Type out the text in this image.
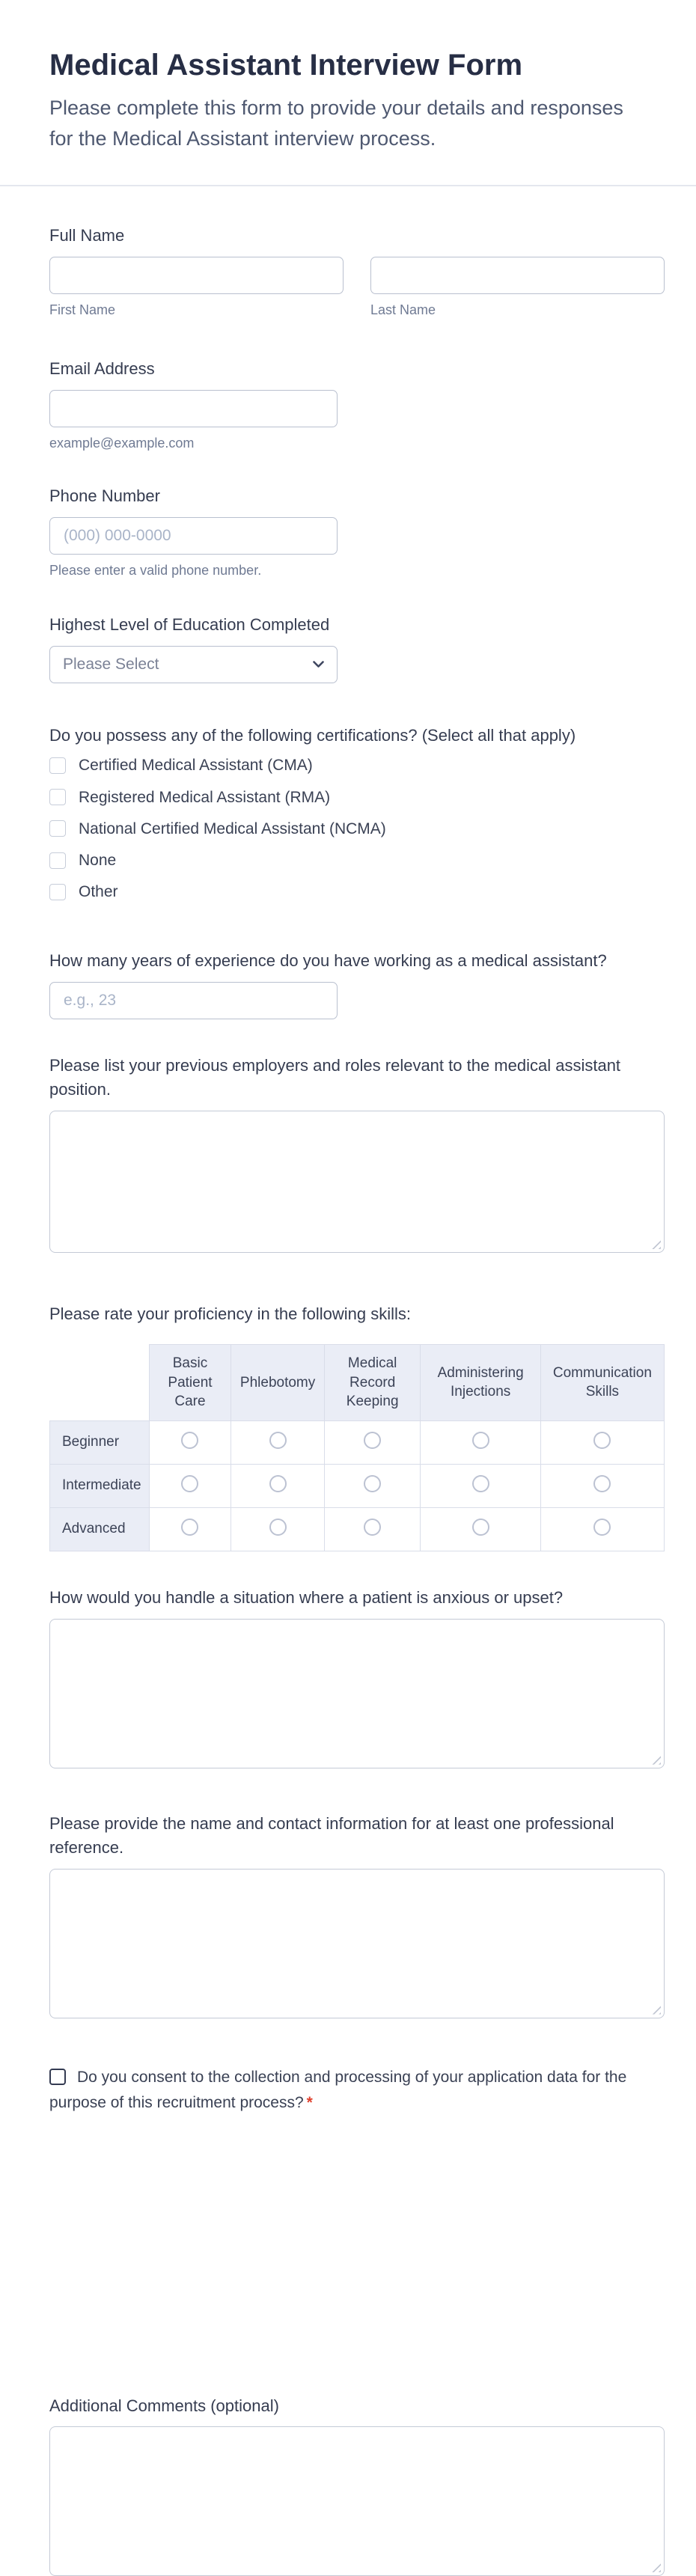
Medical Assistant Interview Form

Please complete this form to provide your details and responses for the Medical Assistant interview process.

Full Name
First Name	Last Name
Email Address
example@example.com
Phone Number
(000) 000-0000
Please enter a valid phone number.
Highest Level of Education Completed
Please Select
Do you possess any of the following certifications? (Select all that apply)
Certified Medical Assistant (CMA)
Registered Medical Assistant (RMA)
National Certified Medical Assistant (NCMA)
None
Other
How many years of experience do you have working as a medical assistant?
e.g., 23
Please list your previous employers and roles relevant to the medical assistant position.
Please rate your proficiency in the following skills:
	Basic Patient Care	Phlebotomy	Medical Record Keeping	Administering Injections	Communication Skills
Beginner					
Intermediate					
Advanced					
How would you handle a situation where a patient is anxious or upset?
Please provide the name and contact information for at least one professional reference.
Do you consent to the collection and processing of your application data for the purpose of this recruitment process? *
Additional Comments (optional)
